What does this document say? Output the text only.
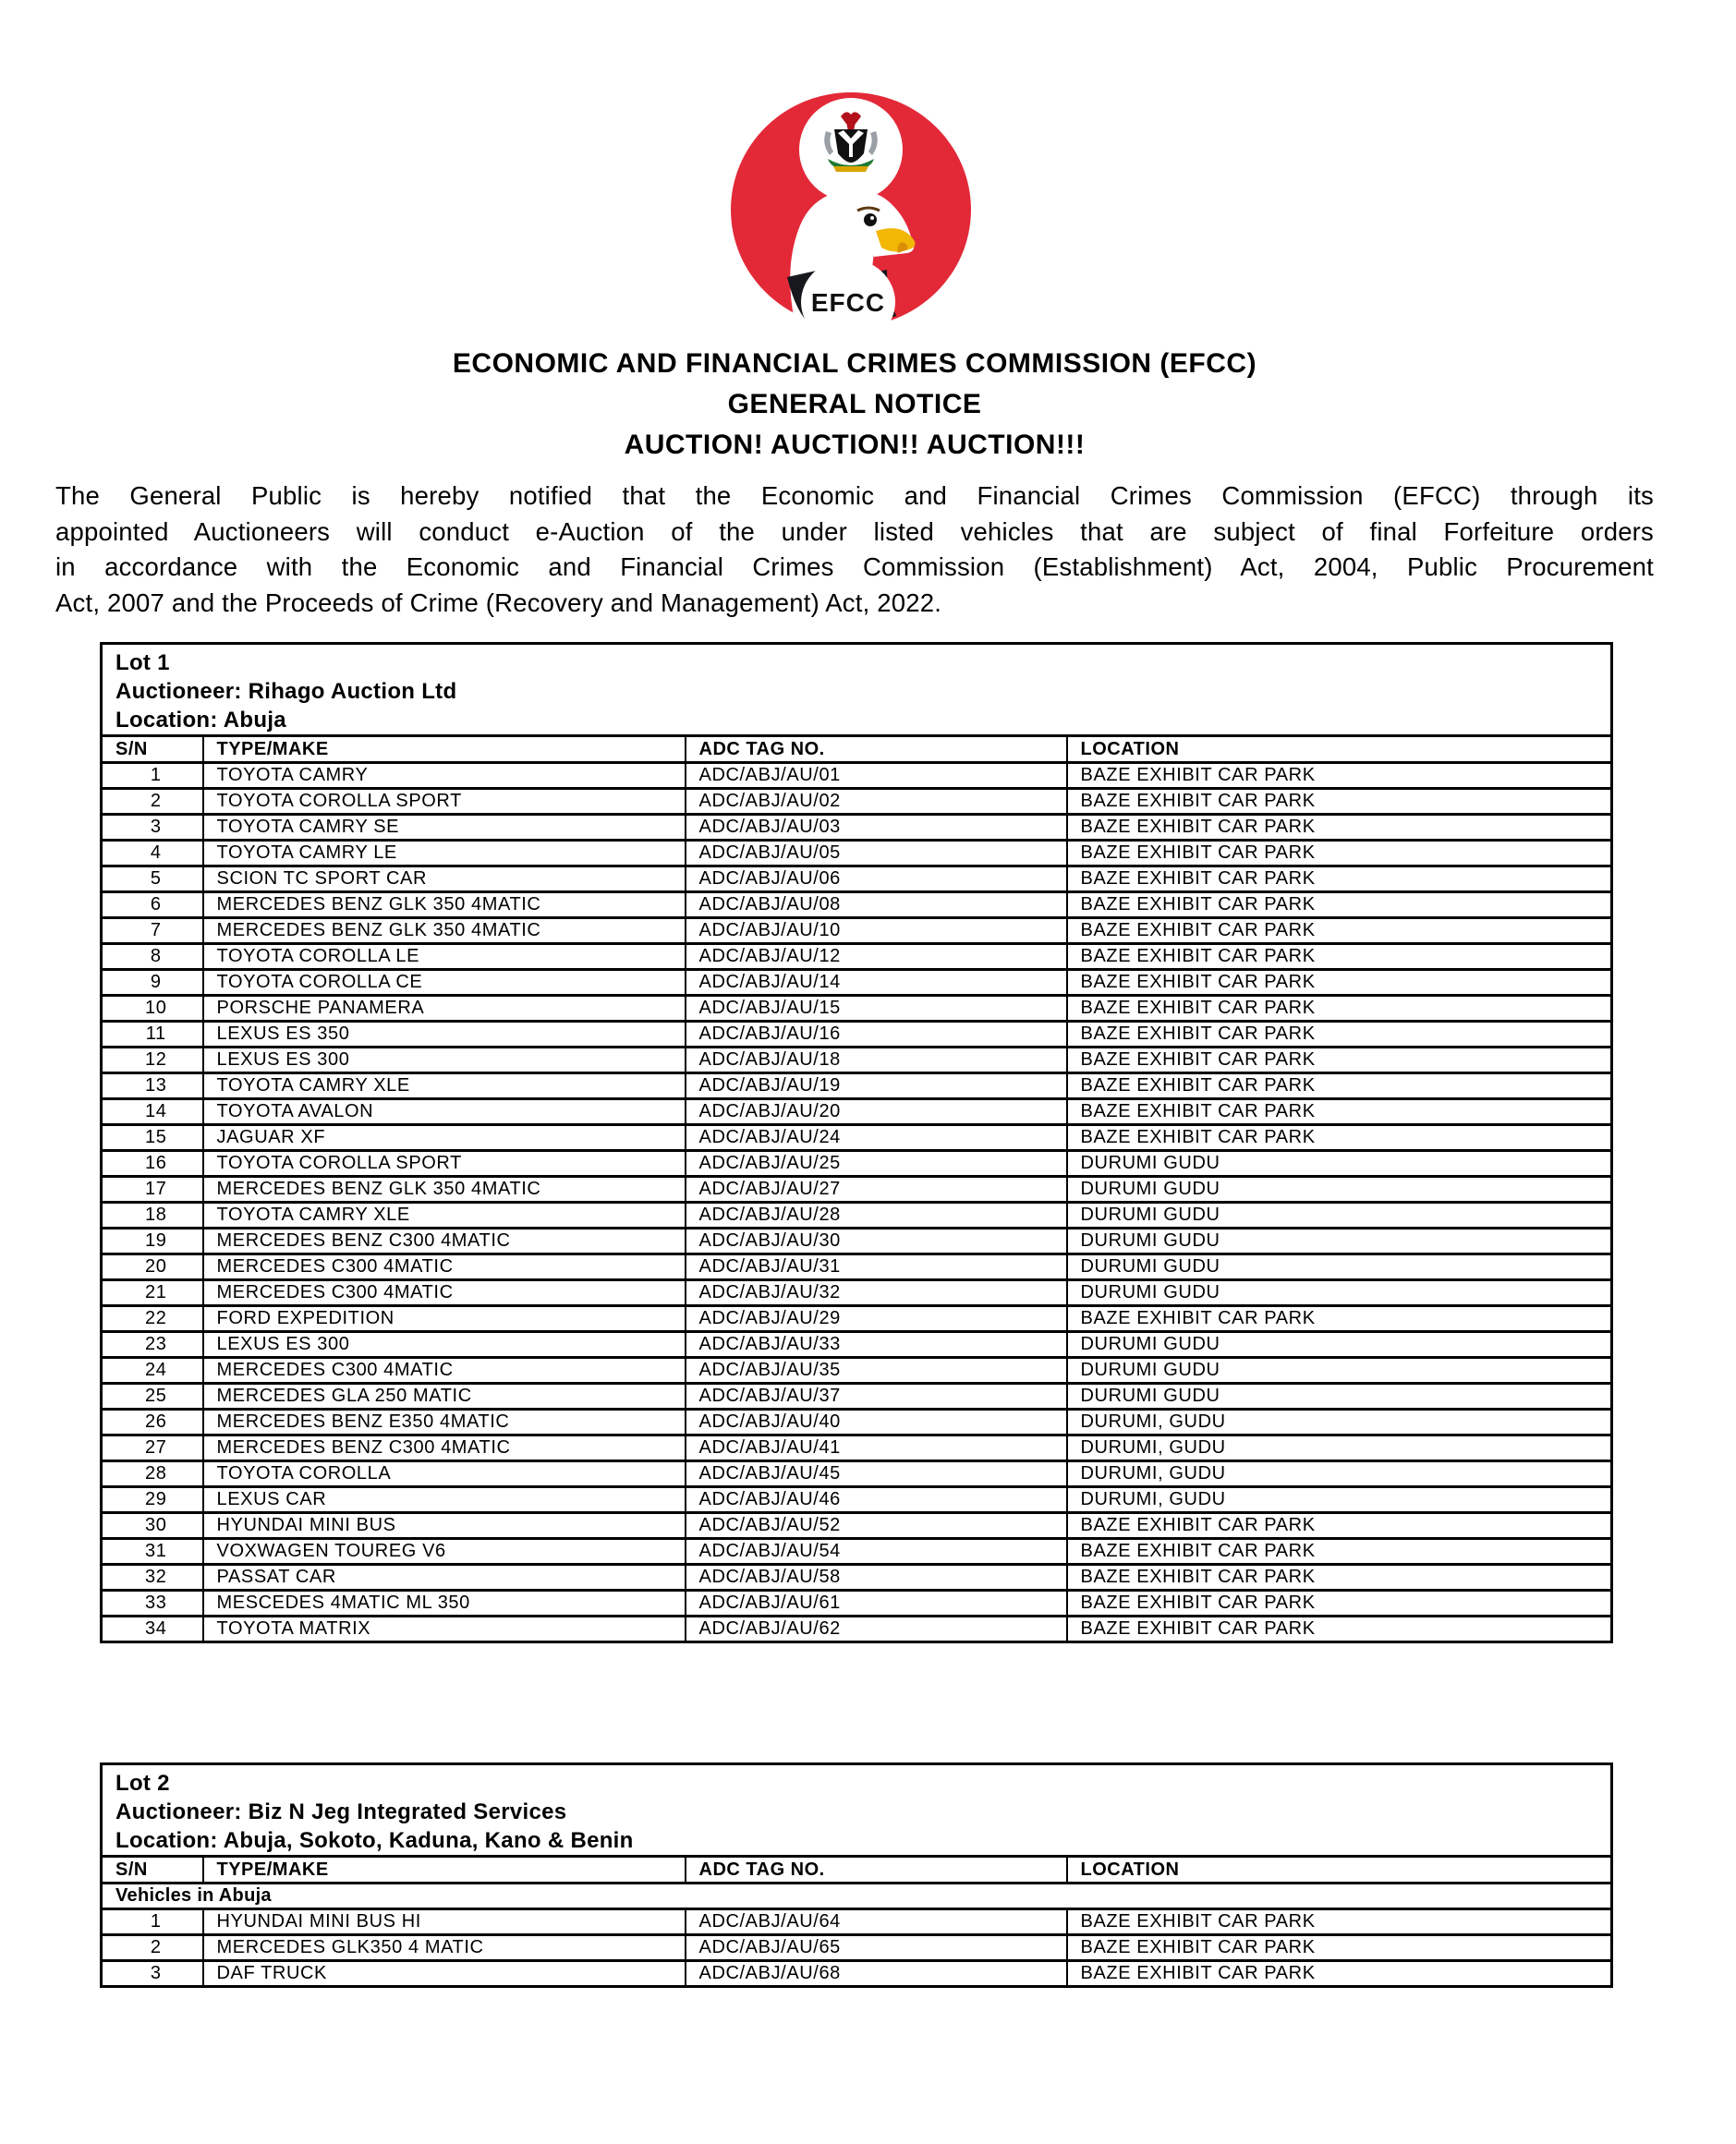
EFCC
ECONOMIC AND FINANCIAL CRIMES COMMISSION (EFCC)
GENERAL NOTICE
AUCTION! AUCTION!! AUCTION!!!
The General Public is hereby notified that the Economic and Financial Crimes Commission (EFCC) through its
appointed Auctioneers will conduct e-Auction of the under listed vehicles that are subject of final Forfeiture orders
in accordance with the Economic and Financial Crimes Commission (Establishment) Act, 2004, Public Procurement
Act, 2007 and the Proceeds of Crime (Recovery and Management) Act, 2022.
Lot 1
Auctioneer: Rihago Auction Ltd
Location: Abuja			

S/N	TYPE/MAKE	ADC TAG NO.	LOCATION
1	TOYOTA CAMRY	ADC/ABJ/AU/01	BAZE EXHIBIT CAR PARK
2	TOYOTA COROLLA SPORT	ADC/ABJ/AU/02	BAZE EXHIBIT CAR PARK
3	TOYOTA CAMRY SE	ADC/ABJ/AU/03	BAZE EXHIBIT CAR PARK
4	TOYOTA CAMRY LE	ADC/ABJ/AU/05	BAZE EXHIBIT CAR PARK
5	SCION TC SPORT CAR	ADC/ABJ/AU/06	BAZE EXHIBIT CAR PARK
6	MERCEDES BENZ GLK 350 4MATIC	ADC/ABJ/AU/08	BAZE EXHIBIT CAR PARK
7	MERCEDES BENZ GLK 350 4MATIC	ADC/ABJ/AU/10	BAZE EXHIBIT CAR PARK
8	TOYOTA COROLLA LE	ADC/ABJ/AU/12	BAZE EXHIBIT CAR PARK
9	TOYOTA COROLLA CE	ADC/ABJ/AU/14	BAZE EXHIBIT CAR PARK
10	PORSCHE PANAMERA	ADC/ABJ/AU/15	BAZE EXHIBIT CAR PARK
11	LEXUS ES 350	ADC/ABJ/AU/16	BAZE EXHIBIT CAR PARK
12	LEXUS ES 300	ADC/ABJ/AU/18	BAZE EXHIBIT CAR PARK
13	TOYOTA CAMRY XLE	ADC/ABJ/AU/19	BAZE EXHIBIT CAR PARK
14	TOYOTA AVALON	ADC/ABJ/AU/20	BAZE EXHIBIT CAR PARK
15	JAGUAR XF	ADC/ABJ/AU/24	BAZE EXHIBIT CAR PARK
16	TOYOTA COROLLA SPORT	ADC/ABJ/AU/25	DURUMI GUDU
17	MERCEDES BENZ GLK 350 4MATIC	ADC/ABJ/AU/27	DURUMI GUDU
18	TOYOTA CAMRY XLE	ADC/ABJ/AU/28	DURUMI GUDU
19	MERCEDES BENZ C300 4MATIC	ADC/ABJ/AU/30	DURUMI GUDU
20	MERCEDES C300 4MATIC	ADC/ABJ/AU/31	DURUMI GUDU
21	MERCEDES C300 4MATIC	ADC/ABJ/AU/32	DURUMI GUDU
22	FORD EXPEDITION	ADC/ABJ/AU/29	BAZE EXHIBIT CAR PARK
23	LEXUS ES 300	ADC/ABJ/AU/33	DURUMI GUDU
24	MERCEDES C300 4MATIC	ADC/ABJ/AU/35	DURUMI GUDU
25	MERCEDES GLA 250 MATIC	ADC/ABJ/AU/37	DURUMI GUDU
26	MERCEDES BENZ E350 4MATIC	ADC/ABJ/AU/40	DURUMI, GUDU
27	MERCEDES BENZ C300 4MATIC	ADC/ABJ/AU/41	DURUMI, GUDU
28	TOYOTA COROLLA	ADC/ABJ/AU/45	DURUMI, GUDU
29	LEXUS CAR	ADC/ABJ/AU/46	DURUMI, GUDU
30	HYUNDAI MINI BUS	ADC/ABJ/AU/52	BAZE EXHIBIT CAR PARK
31	VOXWAGEN TOUREG V6	ADC/ABJ/AU/54	BAZE EXHIBIT CAR PARK
32	PASSAT CAR	ADC/ABJ/AU/58	BAZE EXHIBIT CAR PARK
33	MESCEDES 4MATIC ML 350	ADC/ABJ/AU/61	BAZE EXHIBIT CAR PARK
34	TOYOTA MATRIX	ADC/ABJ/AU/62	BAZE EXHIBIT CAR PARK
Lot 2
Auctioneer: Biz N Jeg Integrated Services
Location: Abuja, Sokoto, Kaduna, Kano & Benin			

S/N	TYPE/MAKE	ADC TAG NO.	LOCATION
Vehicles in Abuja			
1	HYUNDAI MINI BUS HI	ADC/ABJ/AU/64	BAZE EXHIBIT CAR PARK
2	MERCEDES GLK350 4 MATIC	ADC/ABJ/AU/65	BAZE EXHIBIT CAR PARK
3	DAF TRUCK	ADC/ABJ/AU/68	BAZE EXHIBIT CAR PARK
